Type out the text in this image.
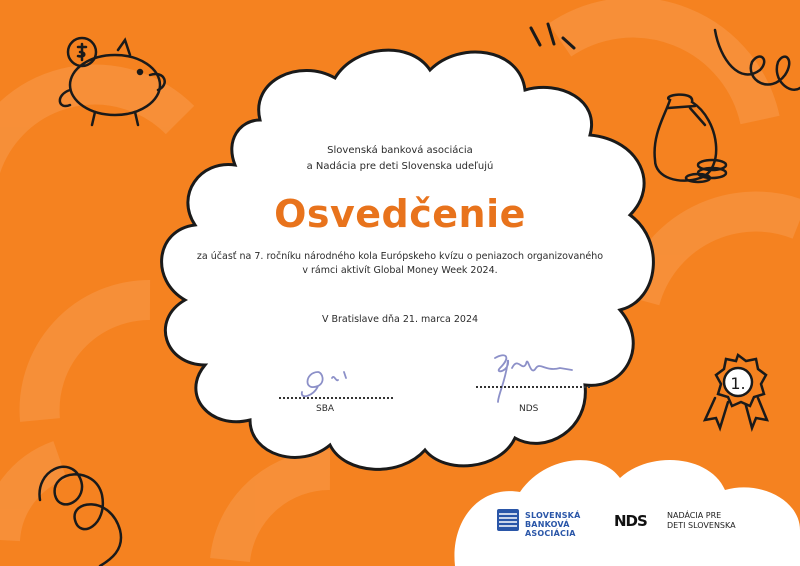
1.
Slovenská banková asociácia
a Nadácia pre deti Slovenska udeľujú
Osvedčenie
za účasť na 7. ročníku národného kola Európskeho kvízu o peniazoch organizovaného
v rámci aktivít Global Money Week 2024.
V Bratislave dňa 21. marca 2024
SBA	NDS
SLOVENSKÁ
BANKOVÁ
ASOCIÁCIA
NDS	NADÁCIA PRE
DETI SLOVENSKA
